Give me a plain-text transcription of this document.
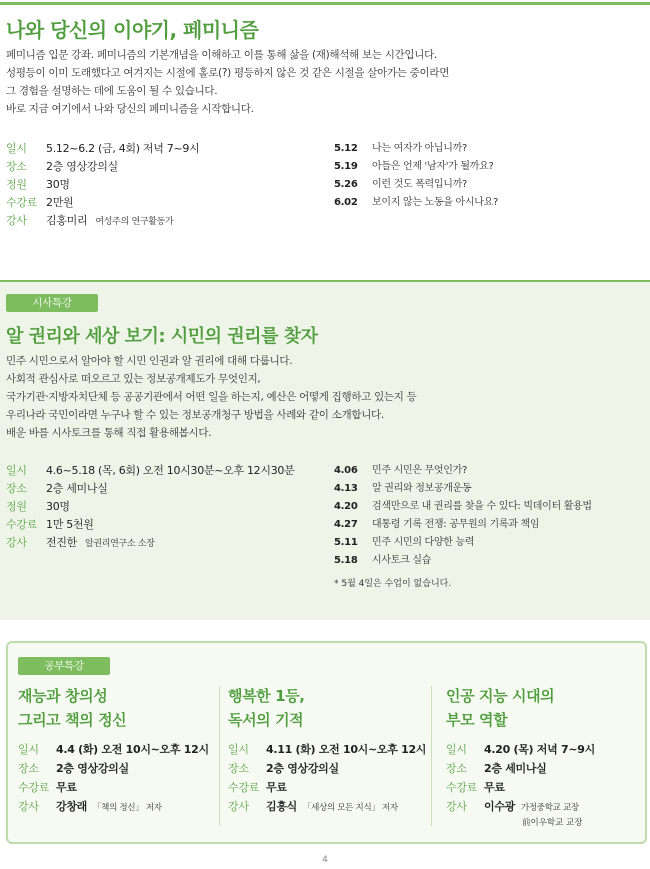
나와 당신의 이야기, 페미니즘
페미니즘 입문 강좌. 페미니즘의 기본개념을 이해하고 이를 통해 삶을 (재)해석해 보는 시간입니다.
성평등이 이미 도래했다고 여겨지는 시절에 홀로(?) 평등하지 않은 것 같은 시절을 살아가는 중이라면
그 경험을 설명하는 데에 도움이 될 수 있습니다.
바로 지금 여기에서 나와 당신의 페미니즘을 시작합니다.
일시 5.12~6.2 (금, 4회) 저녁 7~9시
장소 2층 영상강의실
정원 30명
수강료 2만원
강사 김홍미리 여성주의 연구활동가
5.12 나는 여자가 아닙니까?
5.19 아들은 언제 '남자'가 될까요?
5.26 이런 것도 폭력입니까?
6.02 보이지 않는 노동을 아시나요?
시사특강
알 권리와 세상 보기: 시민의 권리를 찾자
민주 시민으로서 알아야 할 시민 인권과 알 권리에 대해 다룹니다.
사회적 관심사로 떠오르고 있는 정보공개제도가 무엇인지,
국가기관·지방자치단체 등 공공기관에서 어떤 일을 하는지, 예산은 어떻게 집행하고 있는지 등
우리나라 국민이라면 누구나 할 수 있는 정보공개청구 방법을 사례와 같이 소개합니다.
배운 바를 시사토크를 통해 직접 활용해봅시다.
일시 4.6~5.18 (목, 6회) 오전 10시30분~오후 12시30분
장소 2층 세미나실
정원 30명
수강료 1만 5천원
강사 전진한 알권리연구소 소장
4.06 민주 시민은 무엇인가?
4.13 알 권리와 정보공개운동
4.20 검색만으로 내 권리를 찾을 수 있다: 빅데이터 활용법
4.27 대통령 기록 전쟁: 공무원의 기록과 책임
5.11 민주 시민의 다양한 능력
5.18 시사토크 실습
* 5월 4일은 수업이 없습니다.
공부특강
재능과 창의성
그리고 책의 정신
일시 4.4 (화) 오전 10시~오후 12시
장소 2층 영상강의실
수강료 무료
강사 강창래 「책의 정신」 저자
행복한 1등,
독서의 기적
일시 4.11 (화) 오전 10시~오후 12시
장소 2층 영상강의실
수강료 무료
강사 김흥식 「세상의 모든 지식」 저자
인공 지능 시대의
부모 역할
일시 4.20 (목) 저녁 7~9시
장소 2층 세미나실
수강료 무료
강사 이수광 가정중학교 교장
前이우학교 교장
4
